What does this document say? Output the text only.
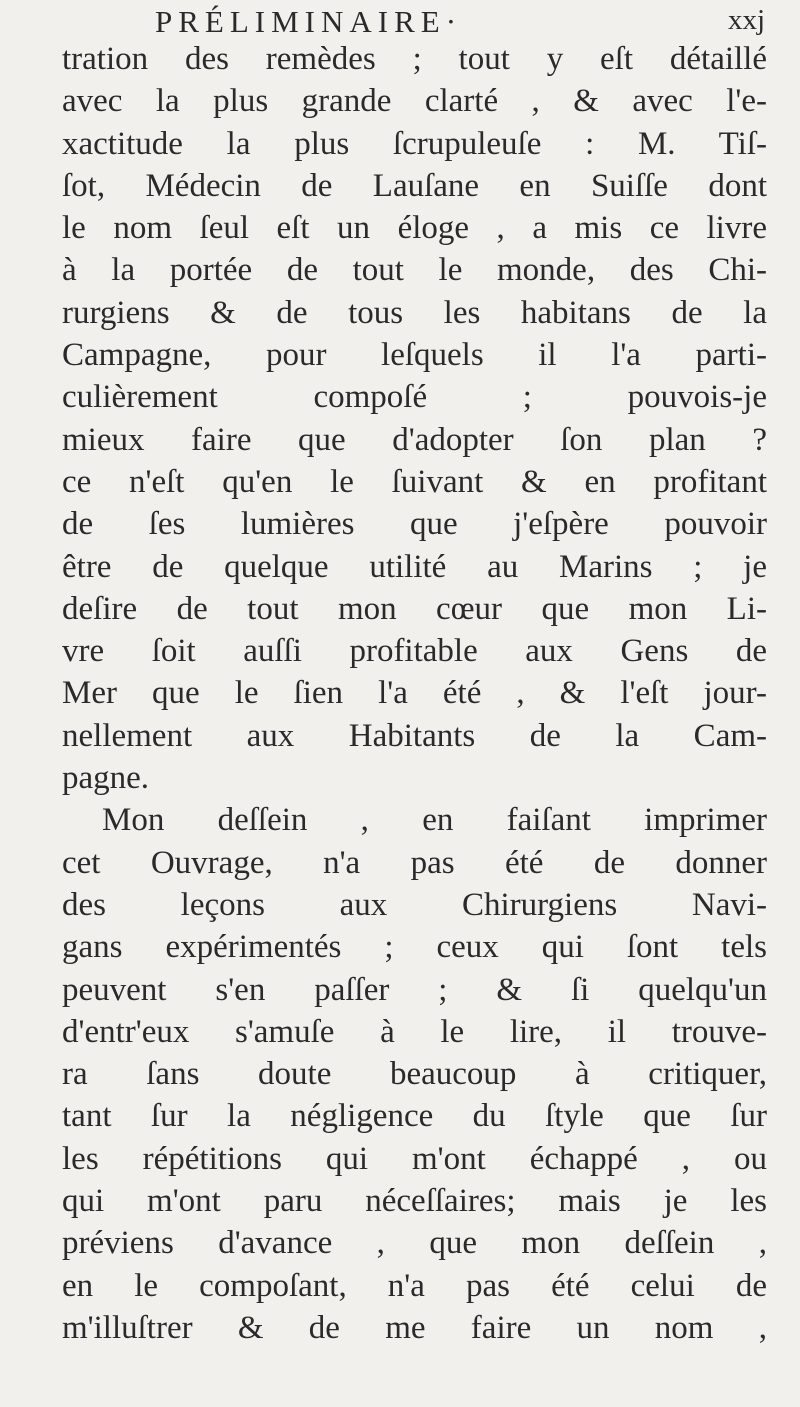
PRÉLIMINAIRE·	xxj
tration des remèdes ; tout y eſt détaillé
avec la plus grande clarté , & avec l'e-
xactitude la plus ſcrupuleuſe : M. Tiſ-
ſot, Médecin de Lauſane en Suiſſe dont
le nom ſeul eſt un éloge , a mis ce livre
à la portée de tout le monde, des Chi-
rurgiens & de tous les habitans de la
Campagne, pour leſquels il l'a parti-
culièrement compoſé ; pouvois-je
mieux faire que d'adopter ſon plan ?
ce n'eſt qu'en le ſuivant & en profitant
de ſes lumières que j'eſpère pouvoir
être de quelque utilité au Marins ; je
deſire de tout mon cœur que mon Li-
vre ſoit auſſi profitable aux Gens de
Mer que le ſien l'a été , & l'eſt jour-
nellement aux Habitants de la Cam-
pagne.
Mon deſſein , en faiſant imprimer
cet Ouvrage, n'a pas été de donner
des leçons aux Chirurgiens Navi-
gans expérimentés ; ceux qui ſont tels
peuvent s'en paſſer ; & ſi quelqu'un
d'entr'eux s'amuſe à le lire, il trouve-
ra ſans doute beaucoup à critiquer,
tant ſur la négligence du ſtyle que ſur
les répétitions qui m'ont échappé , ou
qui m'ont paru néceſſaires; mais je les
préviens d'avance , que mon deſſein ,
en le compoſant, n'a pas été celui de
m'illuſtrer & de me faire un nom ,
